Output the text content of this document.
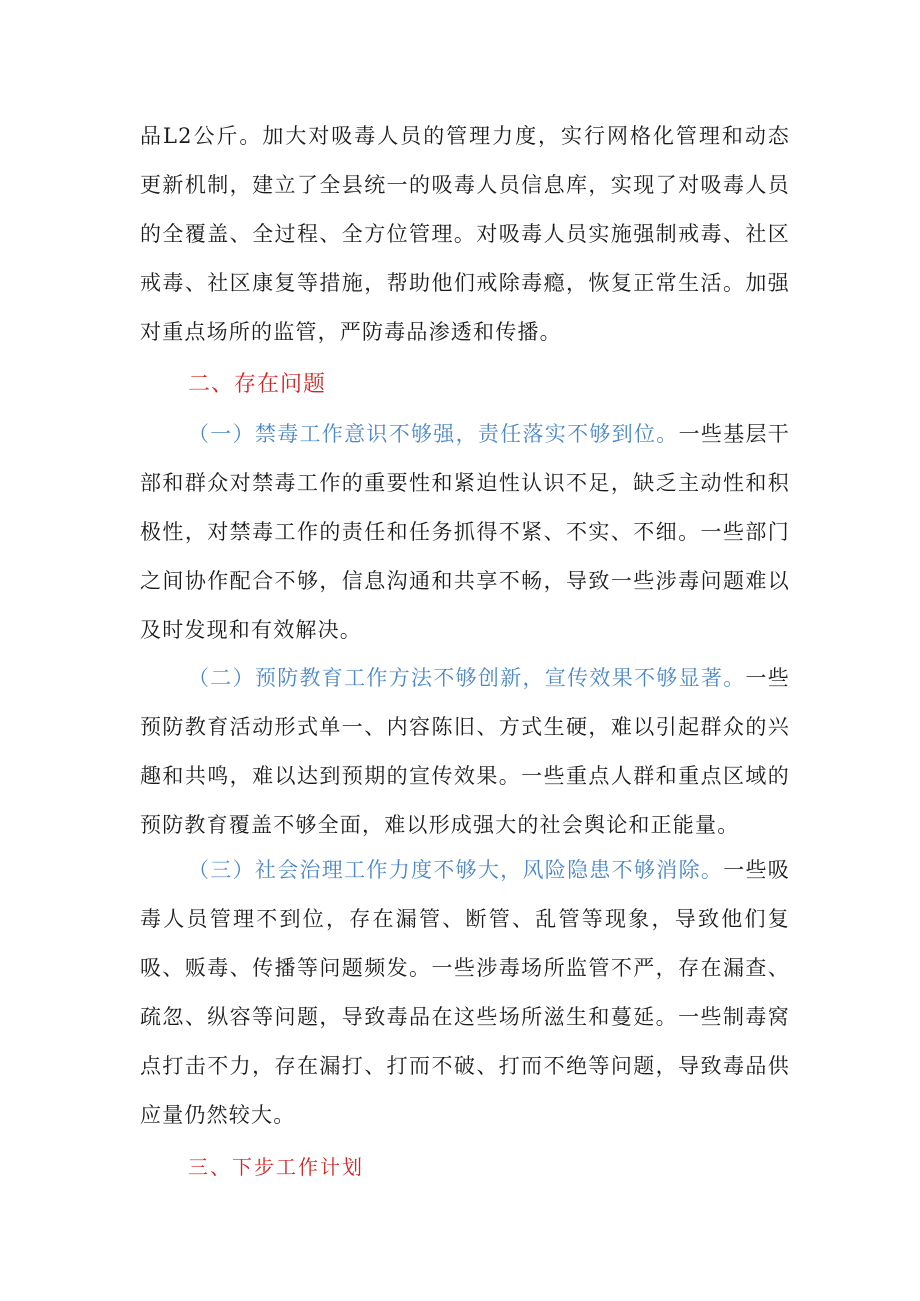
品L2公斤。加大对吸毒人员的管理力度，实行网格化管理和动态更新机制，建立了全县统一的吸毒人员信息库，实现了对吸毒人员的全覆盖、全过程、全方位管理。对吸毒人员实施强制戒毒、社区戒毒、社区康复等措施，帮助他们戒除毒瘾，恢复正常生活。加强对重点场所的监管，严防毒品渗透和传播。

二、存在问题

（一）禁毒工作意识不够强，责任落实不够到位。一些基层干部和群众对禁毒工作的重要性和紧迫性认识不足，缺乏主动性和积极性，对禁毒工作的责任和任务抓得不紧、不实、不细。一些部门之间协作配合不够，信息沟通和共享不畅，导致一些涉毒问题难以及时发现和有效解决。

（二）预防教育工作方法不够创新，宣传效果不够显著。一些预防教育活动形式单一、内容陈旧、方式生硬，难以引起群众的兴趣和共鸣，难以达到预期的宣传效果。一些重点人群和重点区域的预防教育覆盖不够全面，难以形成强大的社会舆论和正能量。

（三）社会治理工作力度不够大，风险隐患不够消除。一些吸毒人员管理不到位，存在漏管、断管、乱管等现象，导致他们复吸、贩毒、传播等问题频发。一些涉毒场所监管不严，存在漏查、疏忽、纵容等问题，导致毒品在这些场所滋生和蔓延。一些制毒窝点打击不力，存在漏打、打而不破、打而不绝等问题，导致毒品供应量仍然较大。

三、下步工作计划
